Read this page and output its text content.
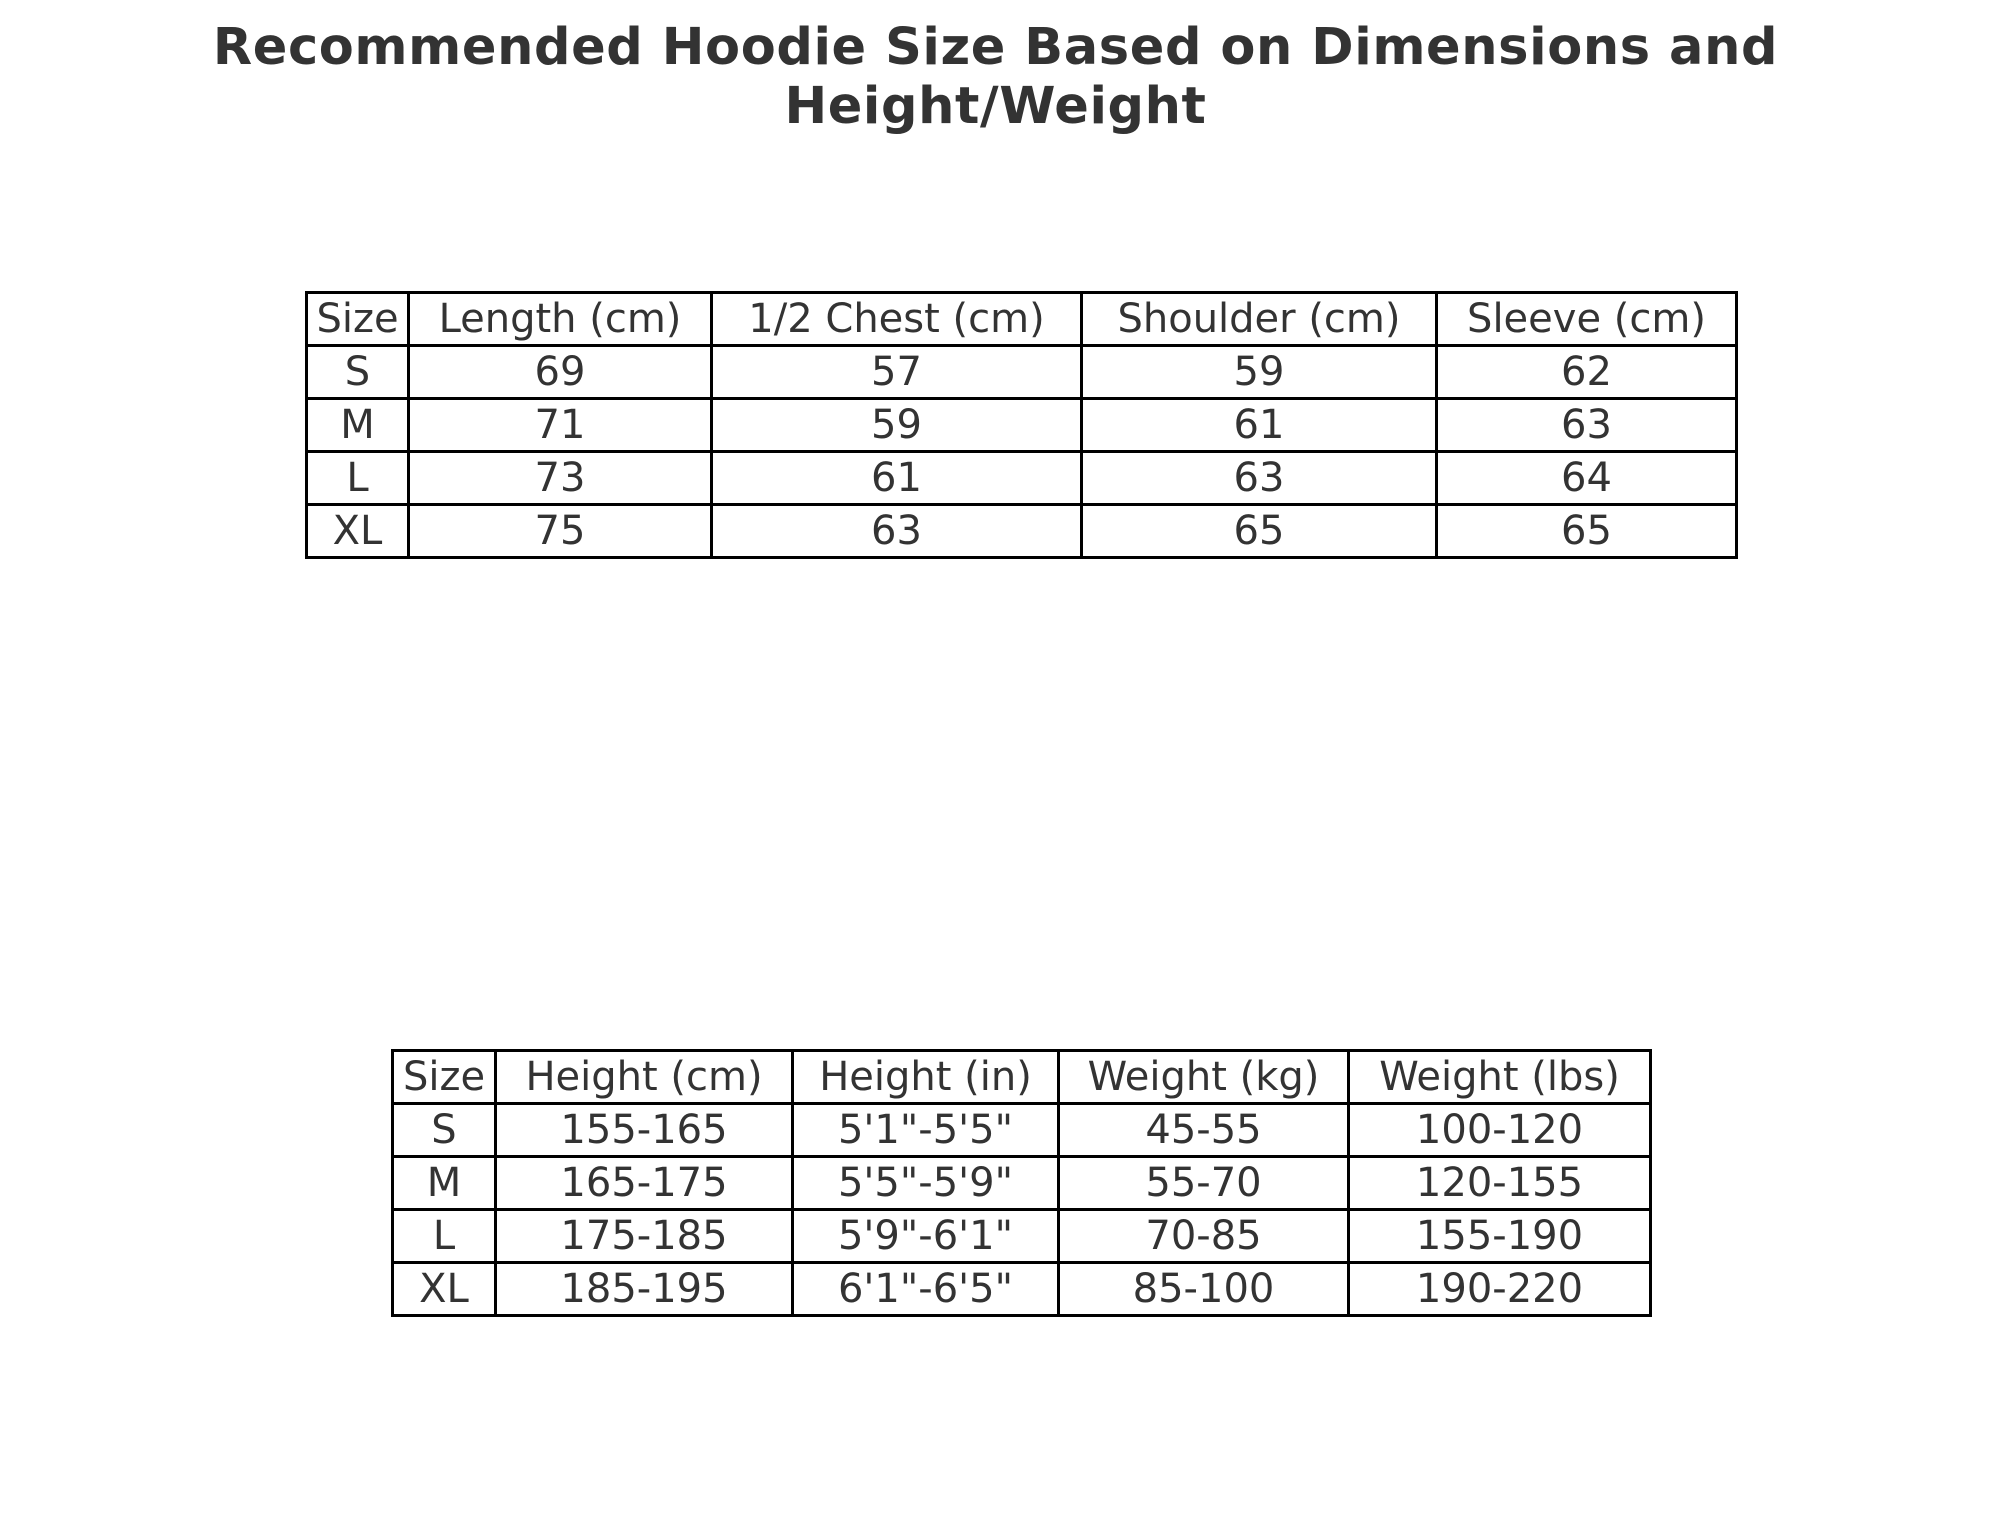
Recommended Hoodie Size Based on Dimensions and Height/Weight
Size	Length (cm)	1/2 Chest (cm)	Shoulder (cm)	Sleeve (cm)
S	69	57	59	62
M	71	59	61	63
L	73	61	63	64
XL	75	63	65	65
Size	Height (cm)	Height (in)	Weight (kg)	Weight (lbs)
S	155-165	5'1"-5'5"	45-55	100-120
M	165-175	5'5"-5'9"	55-70	120-155
L	175-185	5'9"-6'1"	70-85	155-190
XL	185-195	6'1"-6'5"	85-100	190-220
